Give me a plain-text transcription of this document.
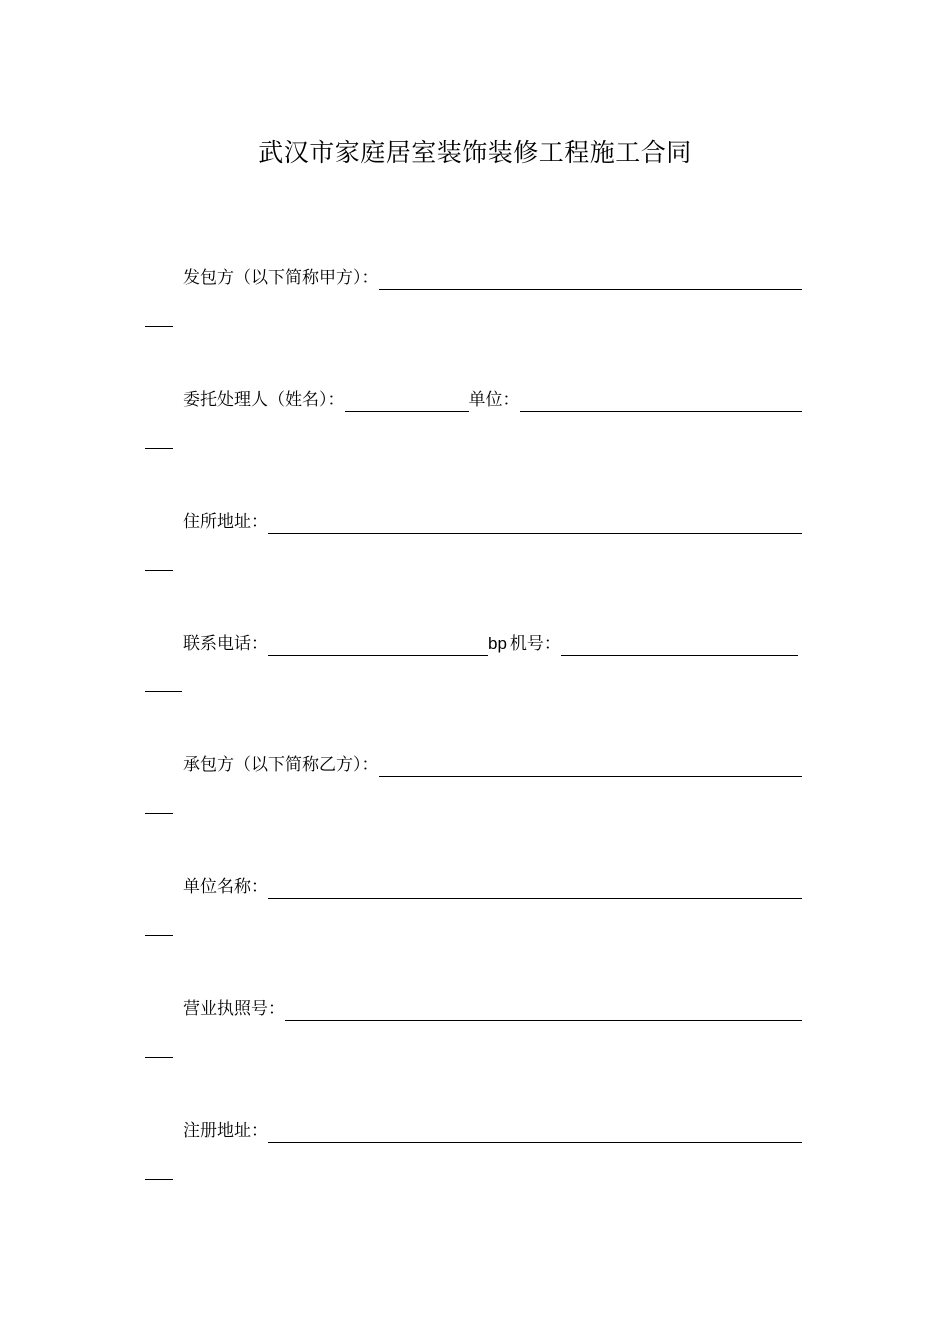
武汉市家庭居室装饰装修工程施工合同
发包方（以下简称甲方）：
委托处理人（姓名）：	单位：
住所地址：
联系电话：	bp 机号：
承包方（以下简称乙方）：
单位名称：
营业执照号：
注册地址：
